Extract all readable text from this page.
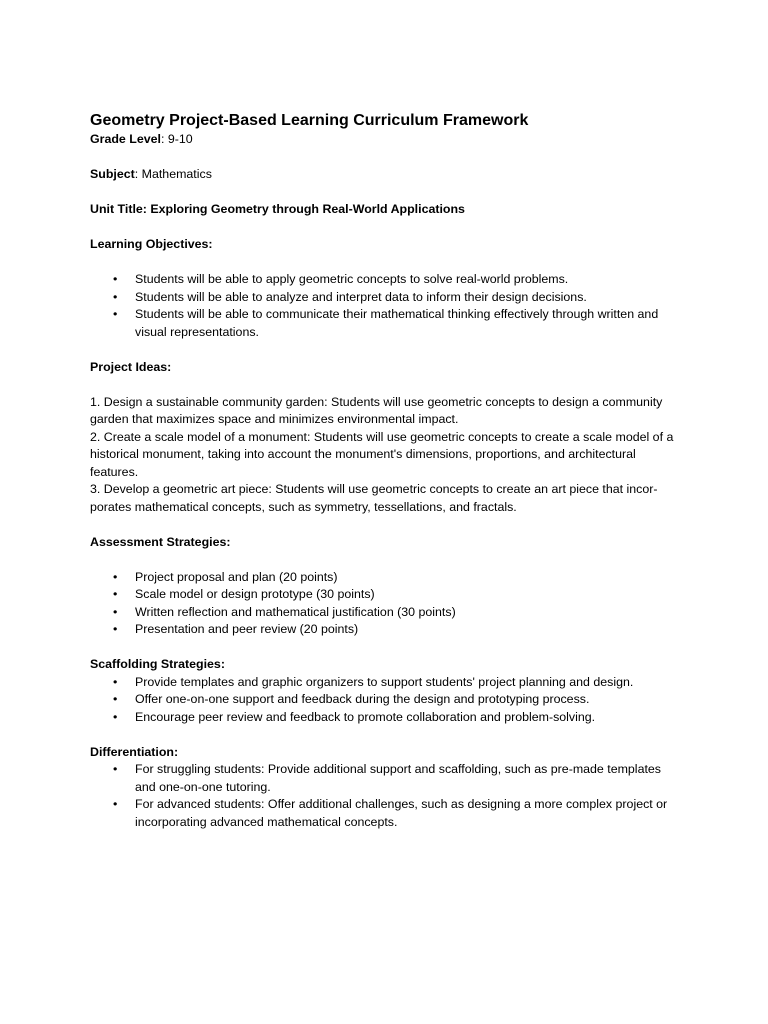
Geometry Project-Based Learning Curriculum Framework

Grade Level: 9-10

Subject: Mathematics

Unit Title: Exploring Geometry through Real-World Applications

Learning Objectives:

• Students will be able to apply geometric concepts to solve real-world problems.
• Students will be able to analyze and interpret data to inform their design decisions.
• Students will be able to communicate their mathematical thinking effectively through written and visual representations.

Project Ideas:

1. Design a sustainable community garden: Students will use geometric concepts to design a community garden that maximizes space and minimizes environmental impact.

2. Create a scale model of a monument: Students will use geometric concepts to create a scale model of a historical monument, taking into account the monument's dimensions, proportions, and architectural features.

3. Develop a geometric art piece: Students will use geometric concepts to create an art piece that incor-porates mathematical concepts, such as symmetry, tessellations, and fractals.

Assessment Strategies:

• Project proposal and plan (20 points)
• Scale model or design prototype (30 points)
• Written reflection and mathematical justification (30 points)
• Presentation and peer review (20 points)

Scaffolding Strategies:

• Provide templates and graphic organizers to support students' project planning and design.
• Offer one-on-one support and feedback during the design and prototyping process.
• Encourage peer review and feedback to promote collaboration and problem-solving.

Differentiation:

• For struggling students: Provide additional support and scaffolding, such as pre-made templates and one-on-one tutoring.
• For advanced students: Offer additional challenges, such as designing a more complex project or incorporating advanced mathematical concepts.
